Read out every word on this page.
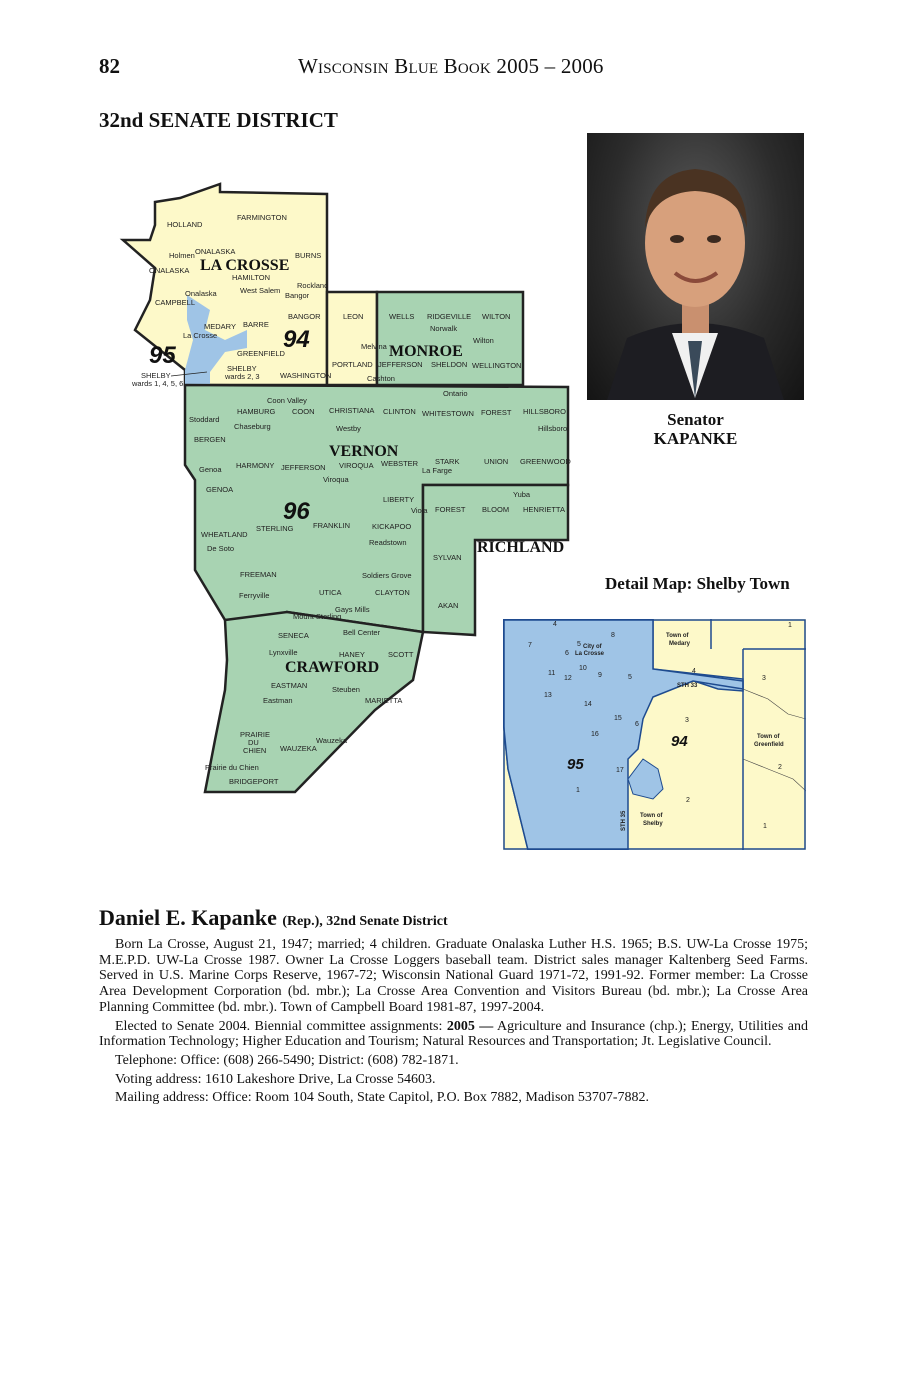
82	Wisconsin Blue Book 2005 – 2006
32nd SENATE DISTRICT
Senator
KAPANKE
HOLLAND
FARMINGTON
Holmen ONALASKA	BURNS
ONALASKA LA CROSSE
HAMILTON
Rockland
West Salem
Bangor
Onalaska
CAMPBELL
BANGOR
MEDARY BARRE
La Crosse	94
95	GREENFIELD
SHELBY
wards 2, 3	WASHINGTON
SHELBY
wards 1, 4, 5, 6
LEON	WELLS RIDGEVILLE WILTON
Norwalk
Wilton
Melvina MONROE
PORTLAND JEFFERSON SHELDON WELLINGTON
Cashton
Ontario
Coon Valley
HAMBURG COON CHRISTIANA CLINTON WHITESTOWN FOREST HILLSBORO
Stoddard
Chaseburg	Westby	Hillsboro
BERGEN
VERNON
Genoa HARMONY JEFFERSON VIROQUA WEBSTER STARK
La Farge
UNION GREENWOOD
Viroqua
GENOA
Yuba
LIBERTY
Viola FOREST BLOOM HENRIETTA
96
STERLING	FRANKLIN	KICKAPOO
WHEATLAND
Readstown
De Soto	RICHLAND
SYLVAN
FREEMAN	Soldiers Grove
UTICA	CLAYTON
Ferryville
Gays Mills
Mount Sterling
AKAN
SENECA	Bell Center
Lynxville	HANEY	SCOTT
CRAWFORD
EASTMAN	Steuben
Eastman	MARIETTA
PRAIRIE
DU
CHIEN WAUZEKA
Wauzeka
Prairie du Chien
BRIDGEPORT
Detail Map: Shelby Town
4
8
1
7	5
6
10
11
12	9	5
4
3
13
14
15
6
3
16
17
1
2
2
1
94
95
City of
La Crosse
Town of
Medary
Town of
Greenfield
Town of
Shelby
STH 33
STH 35
Daniel E. Kapanke (Rep.), 32nd Senate District

Born La Crosse, August 21, 1947; married; 4 children. Graduate Onalaska Luther H.S. 1965; B.S. UW-La Crosse 1975; M.E.P.D. UW-La Crosse 1987. Owner La Crosse Loggers baseball team. District sales manager Kaltenberg Seed Farms. Served in U.S. Marine Corps Reserve, 1967-72; Wisconsin National Guard 1971-72, 1991-92. Former member: La Crosse Area Development Corporation (bd. mbr.); La Crosse Area Convention and Visitors Bureau (bd. mbr.); La Crosse Area Planning Committee (bd. mbr.). Town of Campbell Board 1981-87, 1997-2004.

Elected to Senate 2004. Biennial committee assignments: 2005 — Agriculture and Insurance (chp.); Energy, Utilities and Information Technology; Higher Education and Tourism; Natural Resources and Transportation; Jt. Legislative Council.

Telephone: Office: (608) 266-5490; District: (608) 782-1871.

Voting address: 1610 Lakeshore Drive, La Crosse 54603.

Mailing address: Office: Room 104 South, State Capitol, P.O. Box 7882, Madison 53707-7882.
